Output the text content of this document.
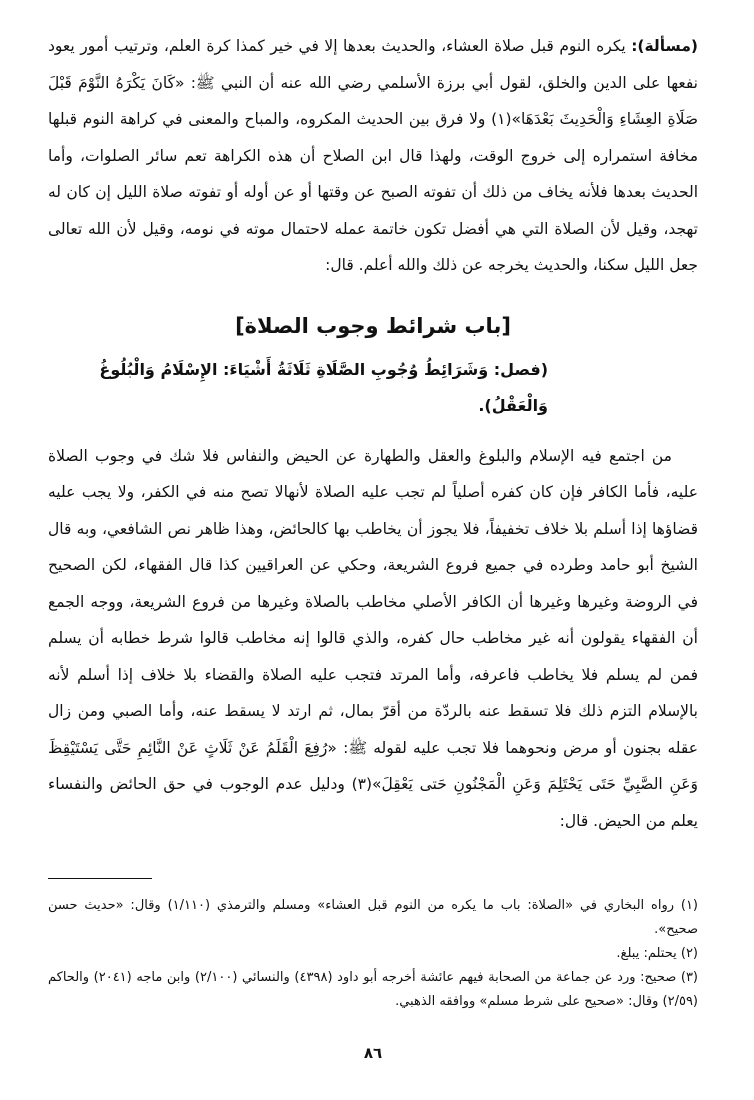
(مسألة): يكره النوم قبل صلاة العشاء، والحديث بعدها إلا في خير كمذا كرة العلم، وترتيب أمور يعود نفعها على الدين والخلق، لقول أبي برزة الأسلمي رضي الله عنه أن النبي ﷺ: «كَانَ يَكْرَهُ النَّوْمَ قَبْلَ صَلَاةِ العِشَاءِ وَالْحَدِيثَ بَعْدَهَا»(١) ولا فرق بين الحديث المكروه، والمباح والمعنى في كراهة النوم قبلها مخافة استمراره إلى خروج الوقت، ولهذا قال ابن الصلاح أن هذه الكراهة تعم سائر الصلوات، وأما الحديث بعدها فلأنه يخاف من ذلك أن تفوته الصبح عن وقتها أو عن أوله أو تفوته صلاة الليل إن كان له تهجد، وقيل لأن الصلاة التي هي أفضل تكون خاتمة عمله لاحتمال موته في نومه، وقيل لأن الله تعالى جعل الليل سكنا، والحديث يخرجه عن ذلك والله أعلم. قال:

[باب شرائط وجوب الصلاة]
(فصل: وَشَرَائِطُ وُجُوبِ الصَّلَاةِ ثَلَاثَةُ أَشْيَاءَ: الإِسْلَامُ وَالْبُلُوغُ وَالْعَقْلُ).

من اجتمع فيه الإسلام والبلوغ والعقل والطهارة عن الحيض والنفاس فلا شك في وجوب الصلاة عليه، فأما الكافر فإن كان كفره أصلياً لم تجب عليه الصلاة لأنهالا تصح منه في الكفر، ولا يجب عليه قضاؤها إذا أسلم بلا خلاف تخفيفاً، فلا يجوز أن يخاطب بها كالحائض، وهذا ظاهر نص الشافعي، وبه قال الشيخ أبو حامد وطرده في جميع فروع الشريعة، وحكي عن العراقيين كذا قال الفقهاء، لكن الصحيح في الروضة وغيرها وغيرها أن الكافر الأصلي مخاطب بالصلاة وغيرها من فروع الشريعة، ووجه الجمع أن الفقهاء يقولون أنه غير مخاطب حال كفره، والذي قالوا إنه مخاطب قالوا شرط خطابه أن يسلم فمن لم يسلم فلا يخاطب فاعرفه، وأما المرتد فتجب عليه الصلاة والقضاء بلا خلاف إذا أسلم لأنه بالإسلام التزم ذلك فلا تسقط عنه بالردّة من أقرّ بمال، ثم ارتد لا يسقط عنه، وأما الصبي ومن زال عقله بجنون أو مرض ونحوهما فلا تجب عليه لقوله ﷺ: «رُفِعَ الْقَلَمُ عَنْ ثَلَاثٍ عَنْ النَّائِمِ حَتَّى يَسْتَيْقِظَ وَعَنِ الصَّبِيِّ حَتَى يَحْتَلِمَ وَعَنِ الْمَجْنُونِ حَتى يَعْقِلَ»(٣) ودليل عدم الوجوب في حق الحائض والنفساء يعلم من الحيض. قال:

(١) رواه البخاري في «الصلاة: باب ما يكره من النوم قبل العشاء» ومسلم والترمذي (١/١١٠) وقال: «حديث حسن صحيح».

(٢) يحتلم: يبلغ.

(٣) صحيح: ورد عن جماعة من الصحابة فيهم عائشة أخرجه أبو داود (٤٣٩٨) والنسائي (٢/١٠٠) وابن ماجه (٢٠٤١) والحاكم (٢/٥٩) وقال: «صحيح على شرط مسلم» ووافقه الذهبي.

٨٦
